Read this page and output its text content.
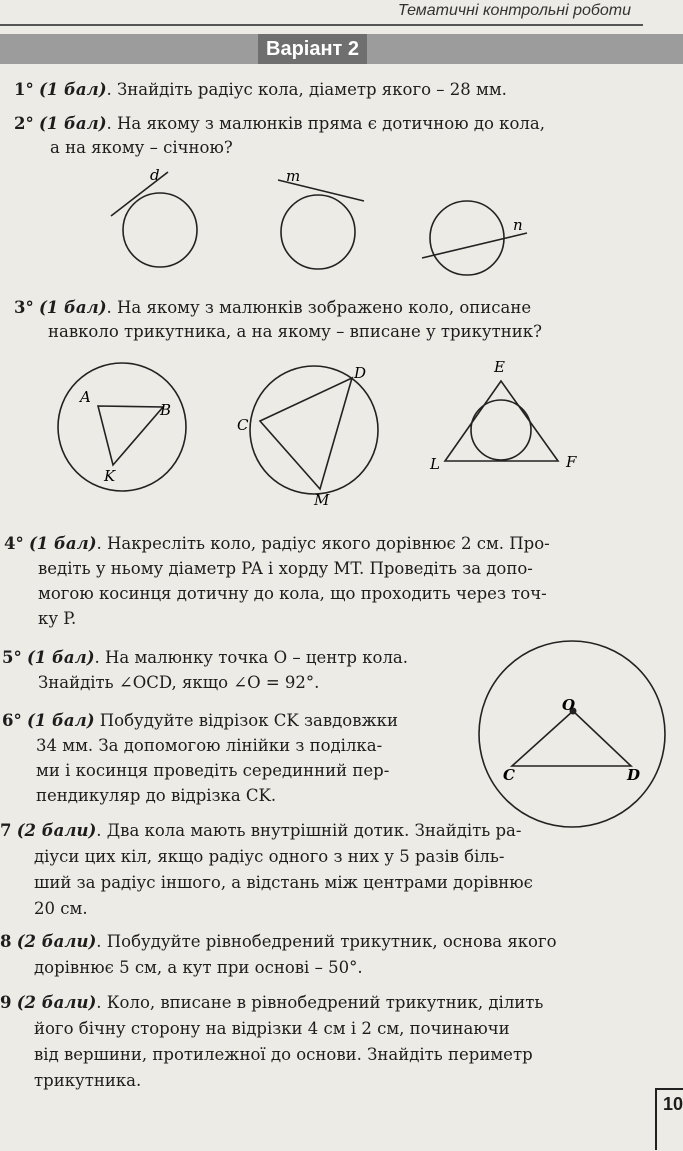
Тематичні контрольні роботи
Варіант 2
1° (1 бал). Знайдіть радіус кола, діаметр якого – 28 мм.
2° (1 бал). На якому з малюнків пряма є дотичною до кола,
а на якому – січною?
d	m
n
3° (1 бал). На якому з малюнків зображено коло, описане
навколо трикутника, а на якому – вписане у трикутник?
A
B
K
C
D
M
E
L	F
4° (1 бал). Накресліть коло, радіус якого дорівнює 2 см. Про-
ведіть у ньому діаметр PA і хорду MT. Проведіть за допо-
могою косинця дотичну до кола, що проходить через точ-
ку P.
5° (1 бал). На малюнку точка O – центр кола.
Знайдіть ∠OCD, якщо ∠O = 92°.
6° (1 бал) Побудуйте відрізок CK завдовжки
34 мм. За допомогою лінійки з поділка-
ми і косинця проведіть серединний пер-
пендикуляр до відрізка CK.
O
C	D
7 (2 бали). Два кола мають внутрішній дотик. Знайдіть ра-
діуси цих кіл, якщо радіус одного з них у 5 разів біль-
ший за радіус іншого, а відстань між центрами дорівнює
20 см.
8 (2 бали). Побудуйте рівнобедрений трикутник, основа якого
дорівнює 5 см, а кут при основі – 50°.
9 (2 бали). Коло, вписане в рівнобедрений трикутник, ділить
його бічну сторону на відрізки 4 см і 2 см, починаючи
від вершини, протилежної до основи. Знайдіть периметр
трикутника.
10
